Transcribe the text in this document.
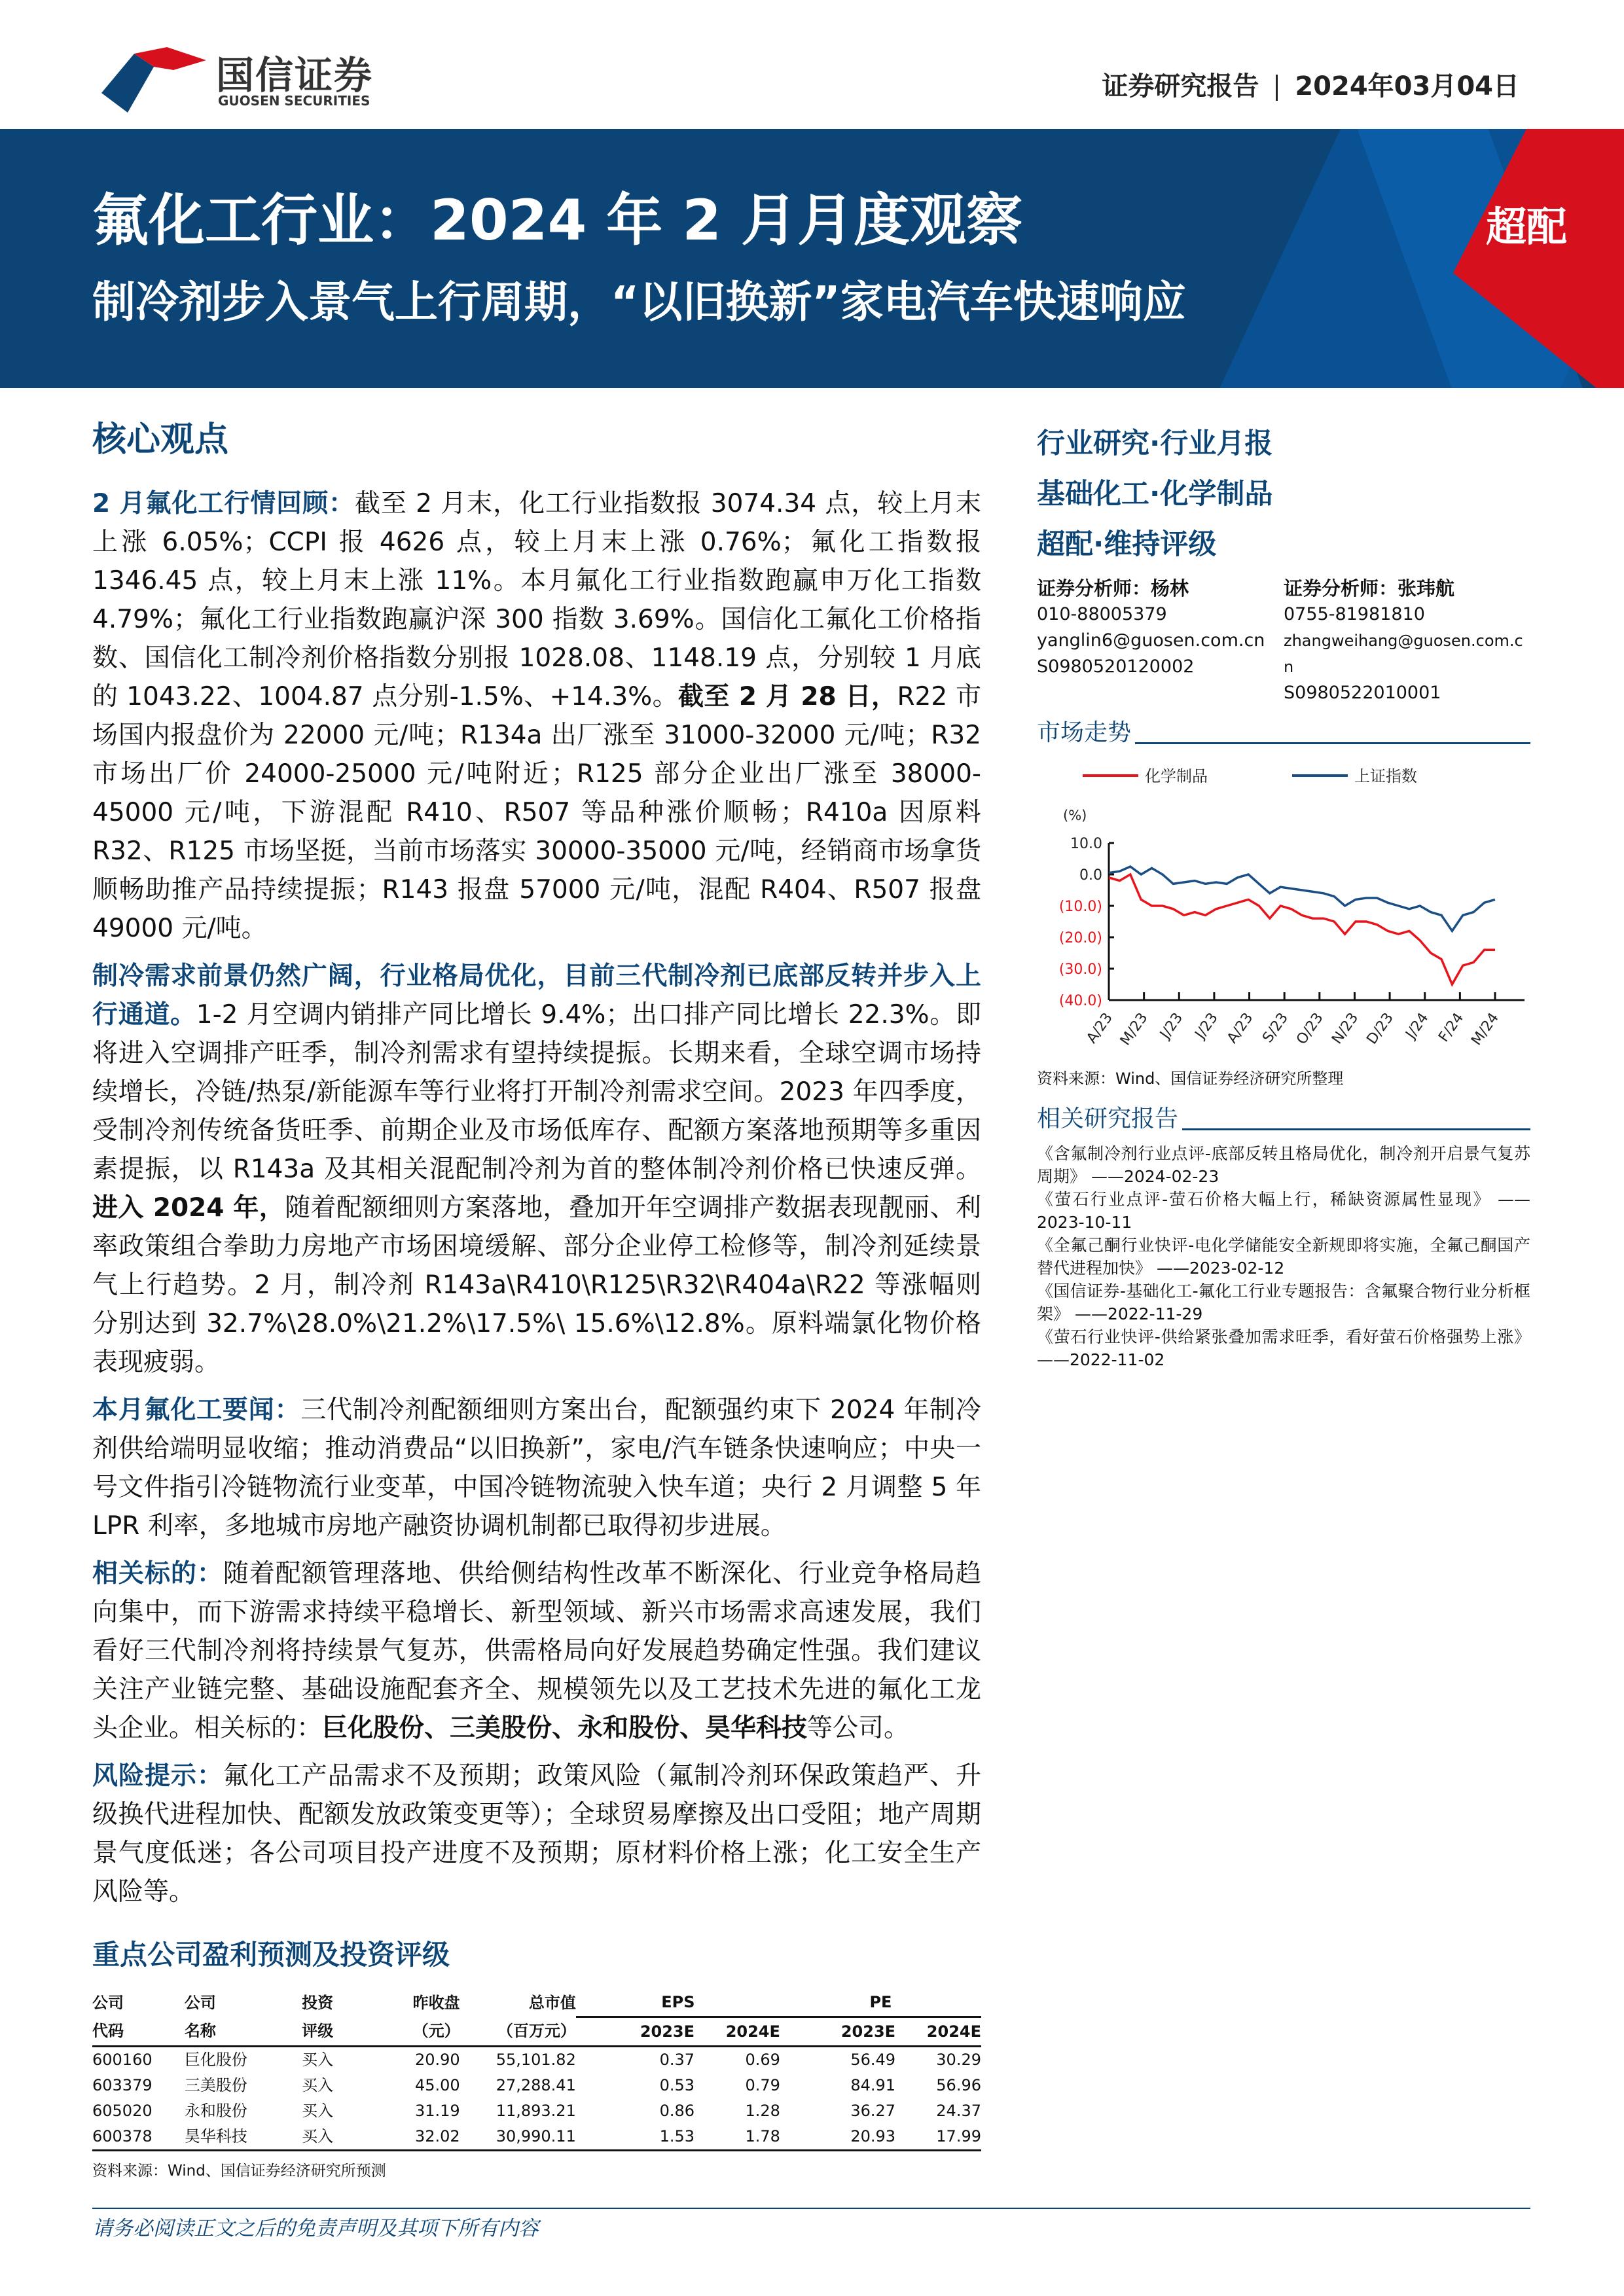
国信证券
GUOSEN SECURITIES	证券研究报告 2024年03月04日
超配
氟化工行业：2024 年 2 月月度观察
制冷剂步入景气上行周期，“以旧换新”家电汽车快速响应
核心观点

2 月氟化工行情回顾：截至 2 月末，化工行业指数报 3074.34 点，较上月末上涨 6.05%；CCPI 报 4626 点，较上月末上涨 0.76%；氟化工指数报 1346.45 点，较上月末上涨 11%。本月氟化工行业指数跑赢申万化工指数 4.79%；氟化工行业指数跑赢沪深 300 指数 3.69%。国信化工氟化工价格指数、国信化工制冷剂价格指数分别报 1028.08、1148.19 点，分别较 1 月底的 1043.22、1004.87 点分别-1.5%、+14.3%。截至 2 月 28 日，R22 市场国内报盘价为 22000 元/吨；R134a 出厂涨至 31000-32000 元/吨；R32 市场出厂价 24000-25000 元/吨附近；R125 部分企业出厂涨至 38000-45000 元/吨，下游混配 R410、R507 等品种涨价顺畅；R410a 因原料 R32、R125 市场坚挺，当前市场落实 30000-35000 元/吨，经销商市场拿货顺畅助推产品持续提振；R143 报盘 57000 元/吨，混配 R404、R507 报盘 49000 元/吨。

制冷需求前景仍然广阔，行业格局优化，目前三代制冷剂已底部反转并步入上行通道。1-2 月空调内销排产同比增长 9.4%；出口排产同比增长 22.3%。即将进入空调排产旺季，制冷剂需求有望持续提振。长期来看，全球空调市场持续增长，冷链/热泵/新能源车等行业将打开制冷剂需求空间。2023 年四季度，受制冷剂传统备货旺季、前期企业及市场低库存、配额方案落地预期等多重因素提振，以 R143a 及其相关混配制冷剂为首的整体制冷剂价格已快速反弹。进入 2024 年，随着配额细则方案落地，叠加开年空调排产数据表现靓丽、利率政策组合拳助力房地产市场困境缓解、部分企业停工检修等，制冷剂延续景气上行趋势。2 月，制冷剂 R143a\R410\R125\R32\R404a\R22 等涨幅则分别达到 32.7%\28.0%\21.2%\17.5%\ 15.6%\12.8%。原料端氯化物价格表现疲弱。

本月氟化工要闻：三代制冷剂配额细则方案出台，配额强约束下 2024 年制冷剂供给端明显收缩；推动消费品“以旧换新”，家电/汽车链条快速响应；中央一号文件指引冷链物流行业变革，中国冷链物流驶入快车道；央行 2 月调整 5 年 LPR 利率，多地城市房地产融资协调机制都已取得初步进展。

相关标的：随着配额管理落地、供给侧结构性改革不断深化、行业竞争格局趋向集中，而下游需求持续平稳增长、新型领域、新兴市场需求高速发展，我们看好三代制冷剂将持续景气复苏，供需格局向好发展趋势确定性强。我们建议关注产业链完整、基础设施配套齐全、规模领先以及工艺技术先进的氟化工龙头企业。相关标的：巨化股份、三美股份、永和股份、昊华科技等公司。

风险提示：氟化工产品需求不及预期；政策风险（氟制冷剂环保政策趋严、升级换代进程加快、配额发放政策变更等）；全球贸易摩擦及出口受阻；地产周期景气度低迷；各公司项目投产进度不及预期；原材料价格上涨；化工安全生产风险等。

重点公司盈利预测及投资评级
公司	公司	投资	昨收盘	总市值	EPS		PE	
代码	名称	评级	（元）	（百万元）	2023E	2024E	2023E	2024E
600160	巨化股份	买入	20.90	55,101.82	0.37	0.69	56.49	30.29
603379	三美股份	买入	45.00	27,288.41	0.53	0.79	84.91	56.96
605020	永和股份	买入	31.19	11,893.21	0.86	1.28	36.27	24.37
600378	昊华科技	买入	32.02	30,990.11	1.53	1.78	20.93	17.99
资料来源：Wind、国信证券经济研究所预测
行业研究·行业月报
基础化工·化学制品
超配·维持评级
证券分析师：杨林
010-88005379
yanglin6@guosen.com.cn
S0980520120002
证券分析师：张玮航
0755-81981810
zhangweihang@guosen.com.cn
S0980522010001
市场走势
化学制品	上证指数
(%)
10.0
0.0
(10.0)
(20.0)
(30.0)
(40.0)
A/23 M/23 J/23 J/23 A/23 S/23 O/23 N/23 D/23 J/24 F/24 M/24
资料来源：Wind、国信证券经济研究所整理
相关研究报告
《含氟制冷剂行业点评-底部反转且格局优化，制冷剂开启景气复苏周期》 ——2024-02-23
《萤石行业点评-萤石价格大幅上行，稀缺资源属性显现》 ——2023-10-11
《全氟己酮行业快评-电化学储能安全新规即将实施，全氟己酮国产替代进程加快》 ——2023-02-12
《国信证券-基础化工-氟化工行业专题报告：含氟聚合物行业分析框架》 ——2022-11-29
《萤石行业快评-供给紧张叠加需求旺季，看好萤石价格强势上涨》 ——2022-11-02
请务必阅读正文之后的免责声明及其项下所有内容
